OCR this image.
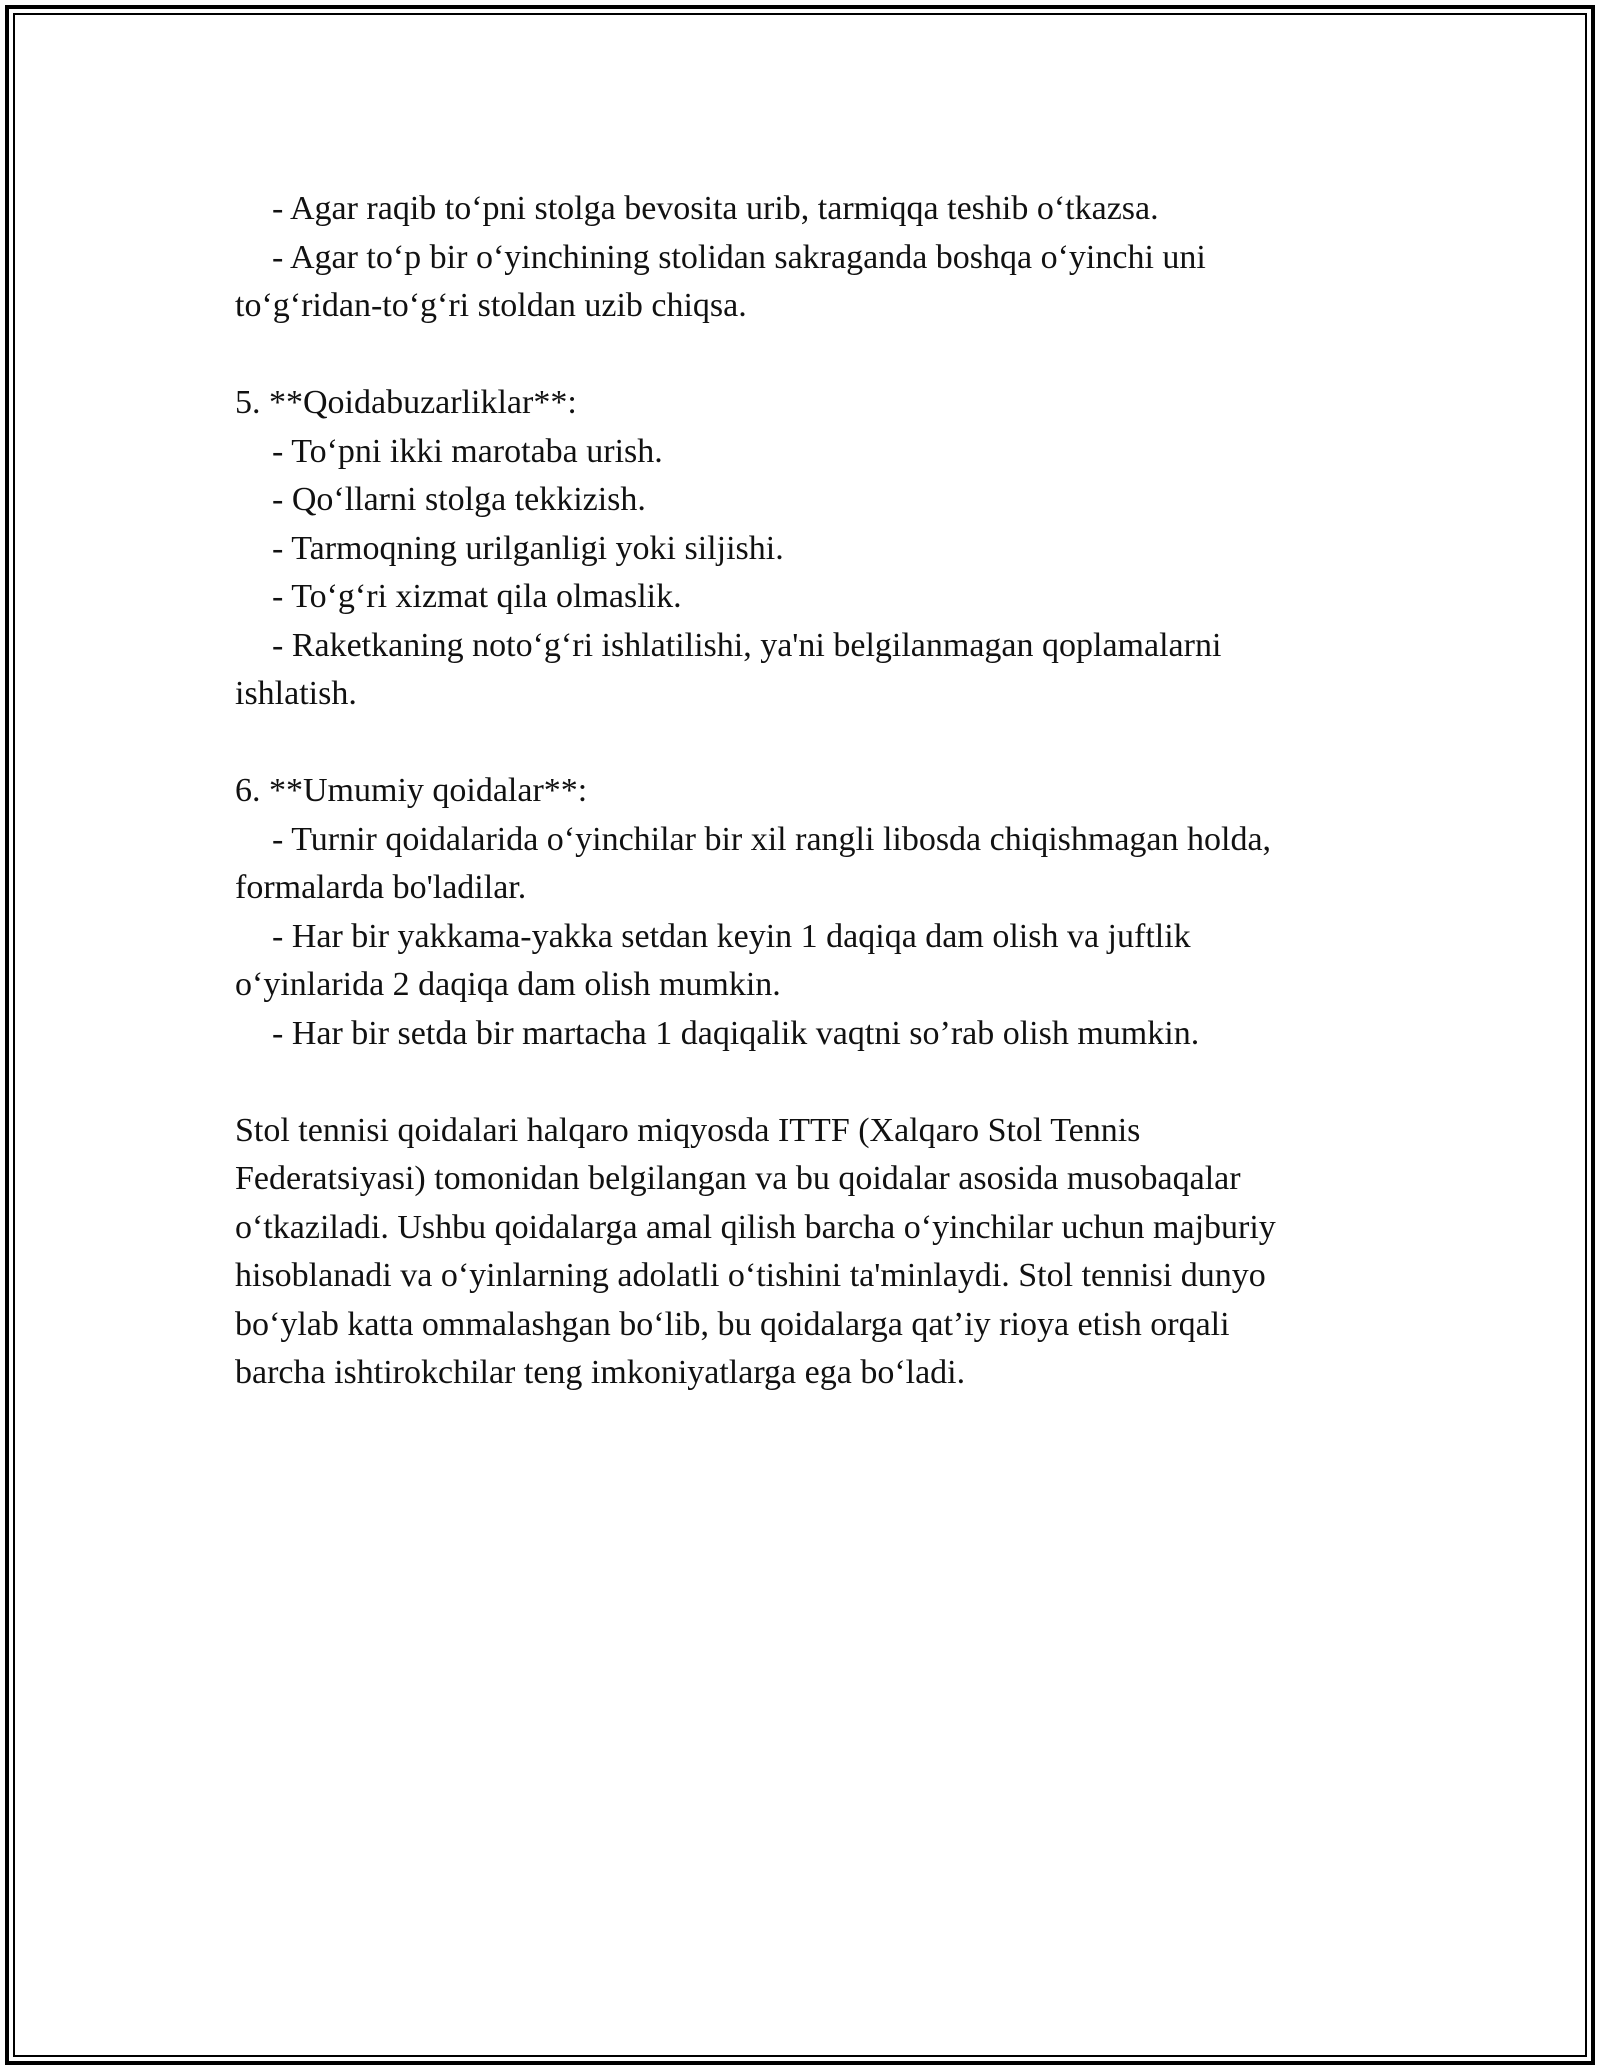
- Agar raqib to‘pni stolga bevosita urib, tarmiqqa teshib o‘tkazsa.
- Agar to‘p bir o‘yinchining stolidan sakraganda boshqa o‘yinchi uni
to‘g‘ridan-to‘g‘ri stoldan uzib chiqsa.
5. **Qoidabuzarliklar**:
- To‘pni ikki marotaba urish.
- Qo‘llarni stolga tekkizish.
- Tarmoqning urilganligi yoki siljishi.
- To‘g‘ri xizmat qila olmaslik.
- Raketkaning noto‘g‘ri ishlatilishi, ya'ni belgilanmagan qoplamalarni
ishlatish.
6. **Umumiy qoidalar**:
- Turnir qoidalarida o‘yinchilar bir xil rangli libosda chiqishmagan holda,
formalarda bo'ladilar.
- Har bir yakkama-yakka setdan keyin 1 daqiqa dam olish va juftlik
o‘yinlarida 2 daqiqa dam olish mumkin.
- Har bir setda bir martacha 1 daqiqalik vaqtni so’rab olish mumkin.
Stol tennisi qoidalari halqaro miqyosda ITTF (Xalqaro Stol Tennis
Federatsiyasi) tomonidan belgilangan va bu qoidalar asosida musobaqalar
o‘tkaziladi. Ushbu qoidalarga amal qilish barcha o‘yinchilar uchun majburiy
hisoblanadi va o‘yinlarning adolatli o‘tishini ta'minlaydi. Stol tennisi dunyo
bo‘ylab katta ommalashgan bo‘lib, bu qoidalarga qat’iy rioya etish orqali
barcha ishtirokchilar teng imkoniyatlarga ega bo‘ladi.
